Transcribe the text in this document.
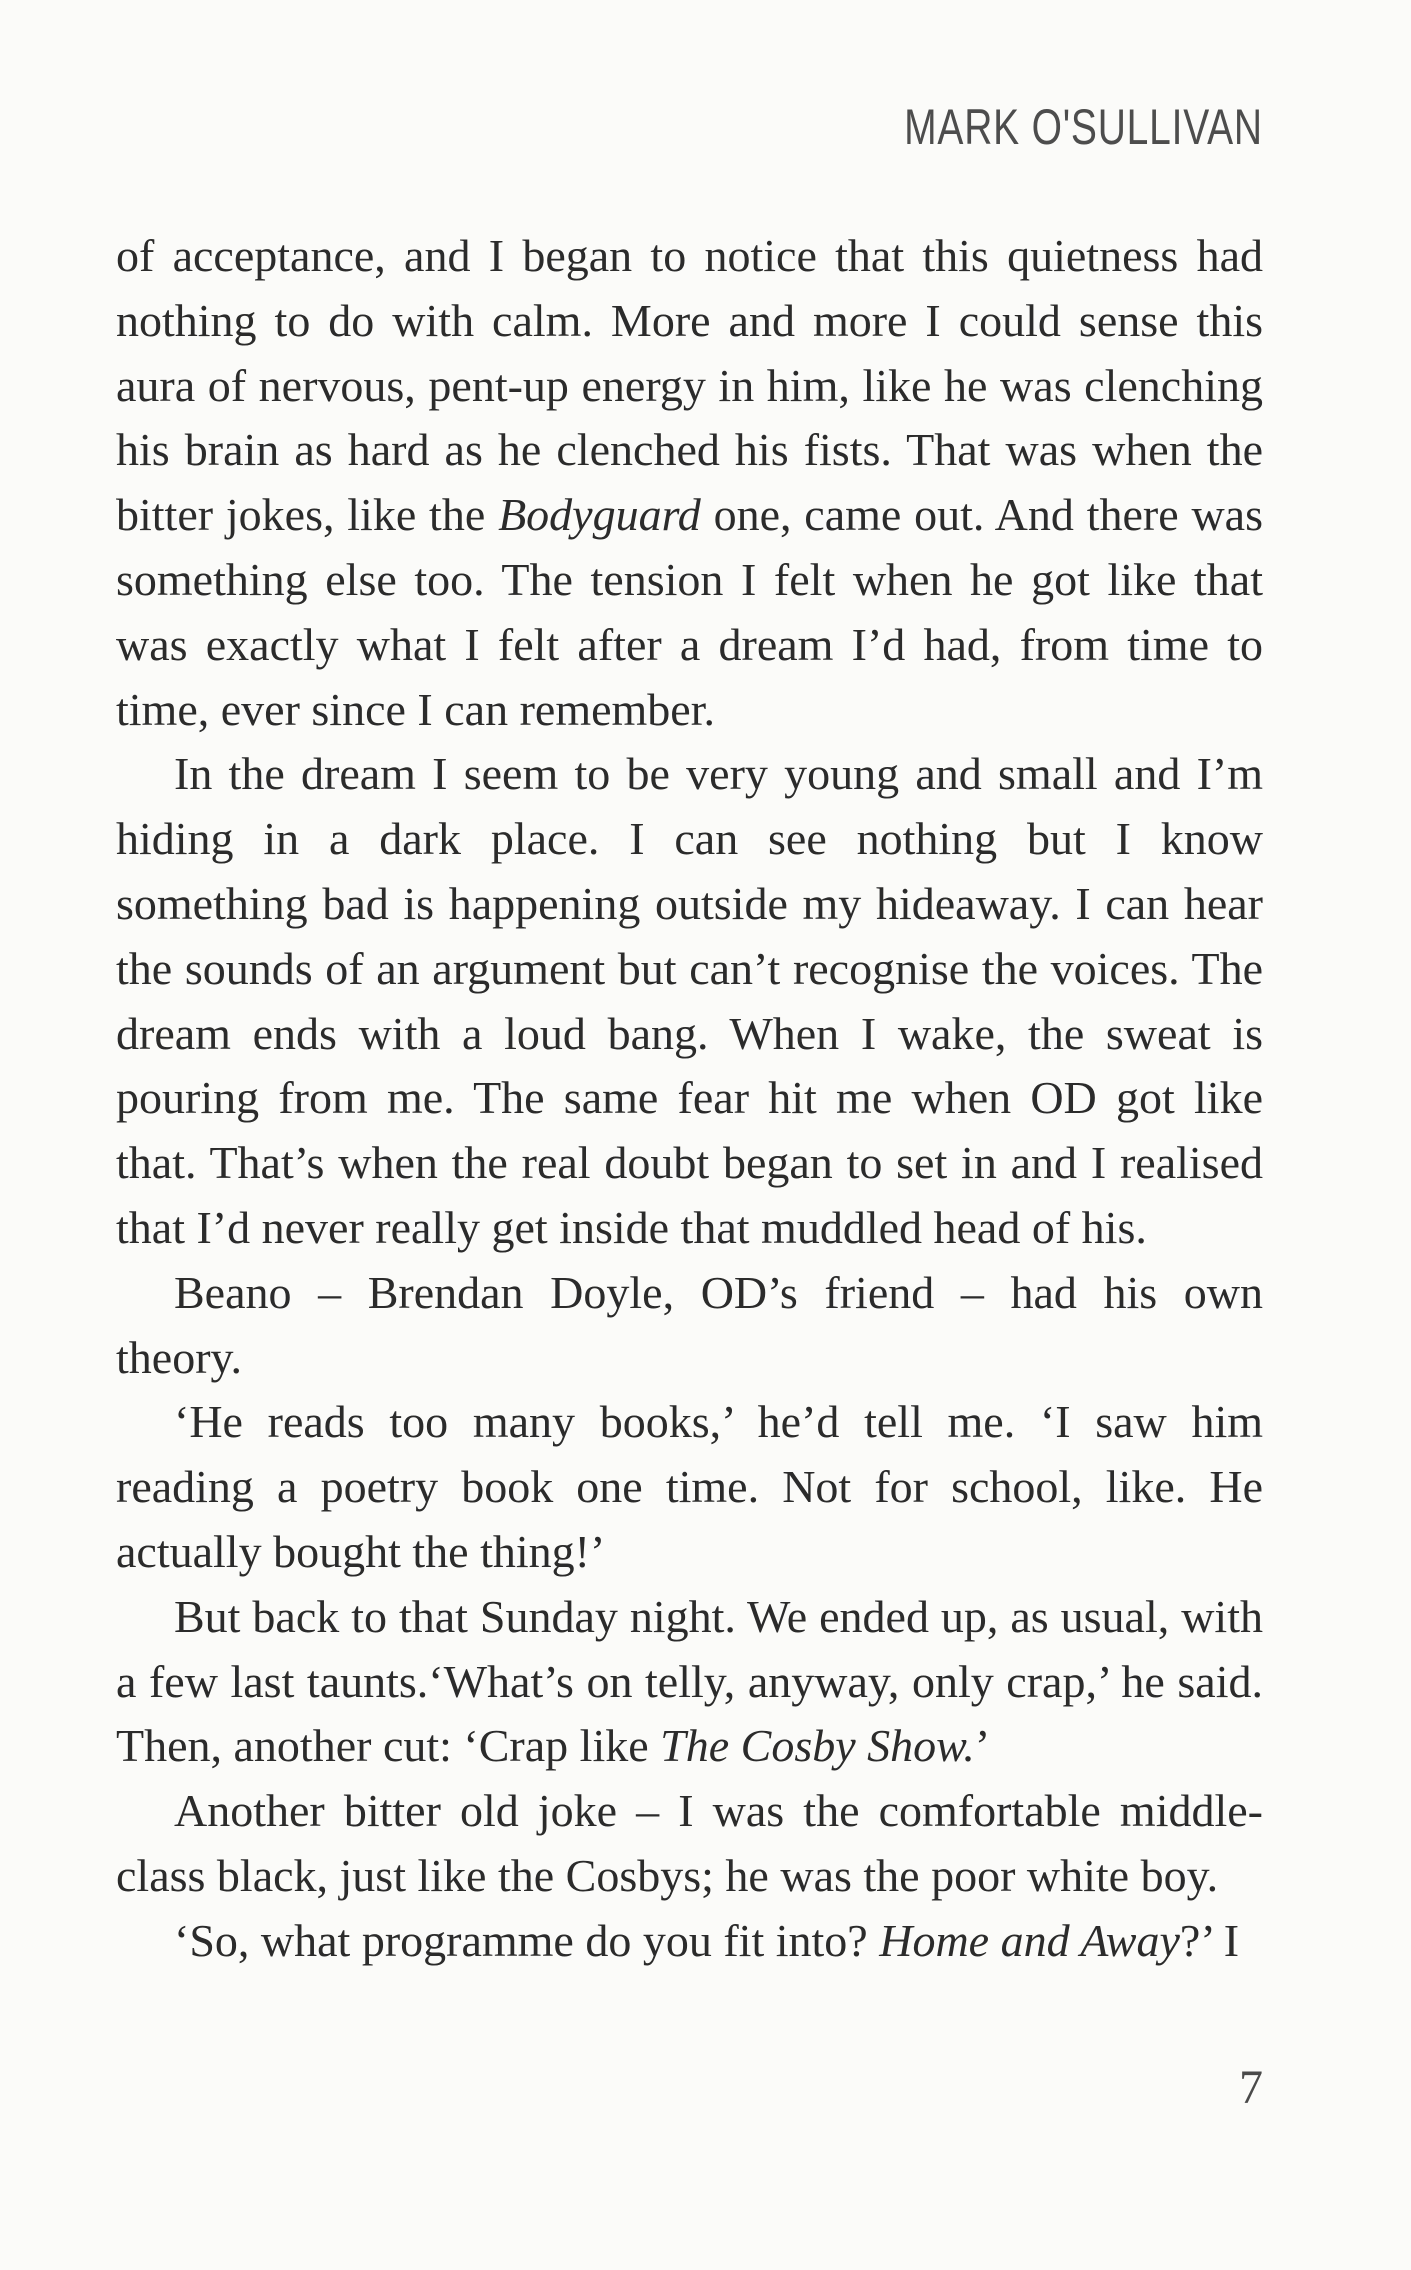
MARK O'SULLIVAN

of acceptance, and I began to notice that this quietness had nothing to do with calm. More and more I could sense this aura of nervous, pent-up energy in him, like he was clenching his brain as hard as he clenched his fists. That was when the bitter jokes, like the Bodyguard one, came out. And there was something else too. The tension I felt when he got like that was exactly what I felt after a dream I’d had, from time to time, ever since I can remember.

In the dream I seem to be very young and small and I’m hiding in a dark place. I can see nothing but I know something bad is happening outside my hideaway. I can hear the sounds of an argument but can’t recognise the voices. The dream ends with a loud bang. When I wake, the sweat is pouring from me. The same fear hit me when OD got like that. That’s when the real doubt began to set in and I realised that I’d never really get inside that muddled head of his.

Beano – Brendan Doyle, OD’s friend – had his own theory.

‘He reads too many books,’ he’d tell me. ‘I saw him reading a poetry book one time. Not for school, like. He actually bought the thing!’

But back to that Sunday night. We ended up, as usual, with a few last taunts.‘What’s on telly, anyway, only crap,’ he said. Then, another cut: ‘Crap like The Cosby Show.’

Another bitter old joke – I was the comfortable middle-class black, just like the Cosbys; he was the poor white boy.

‘So, what programme do you fit into? Home and Away?’ I

7
